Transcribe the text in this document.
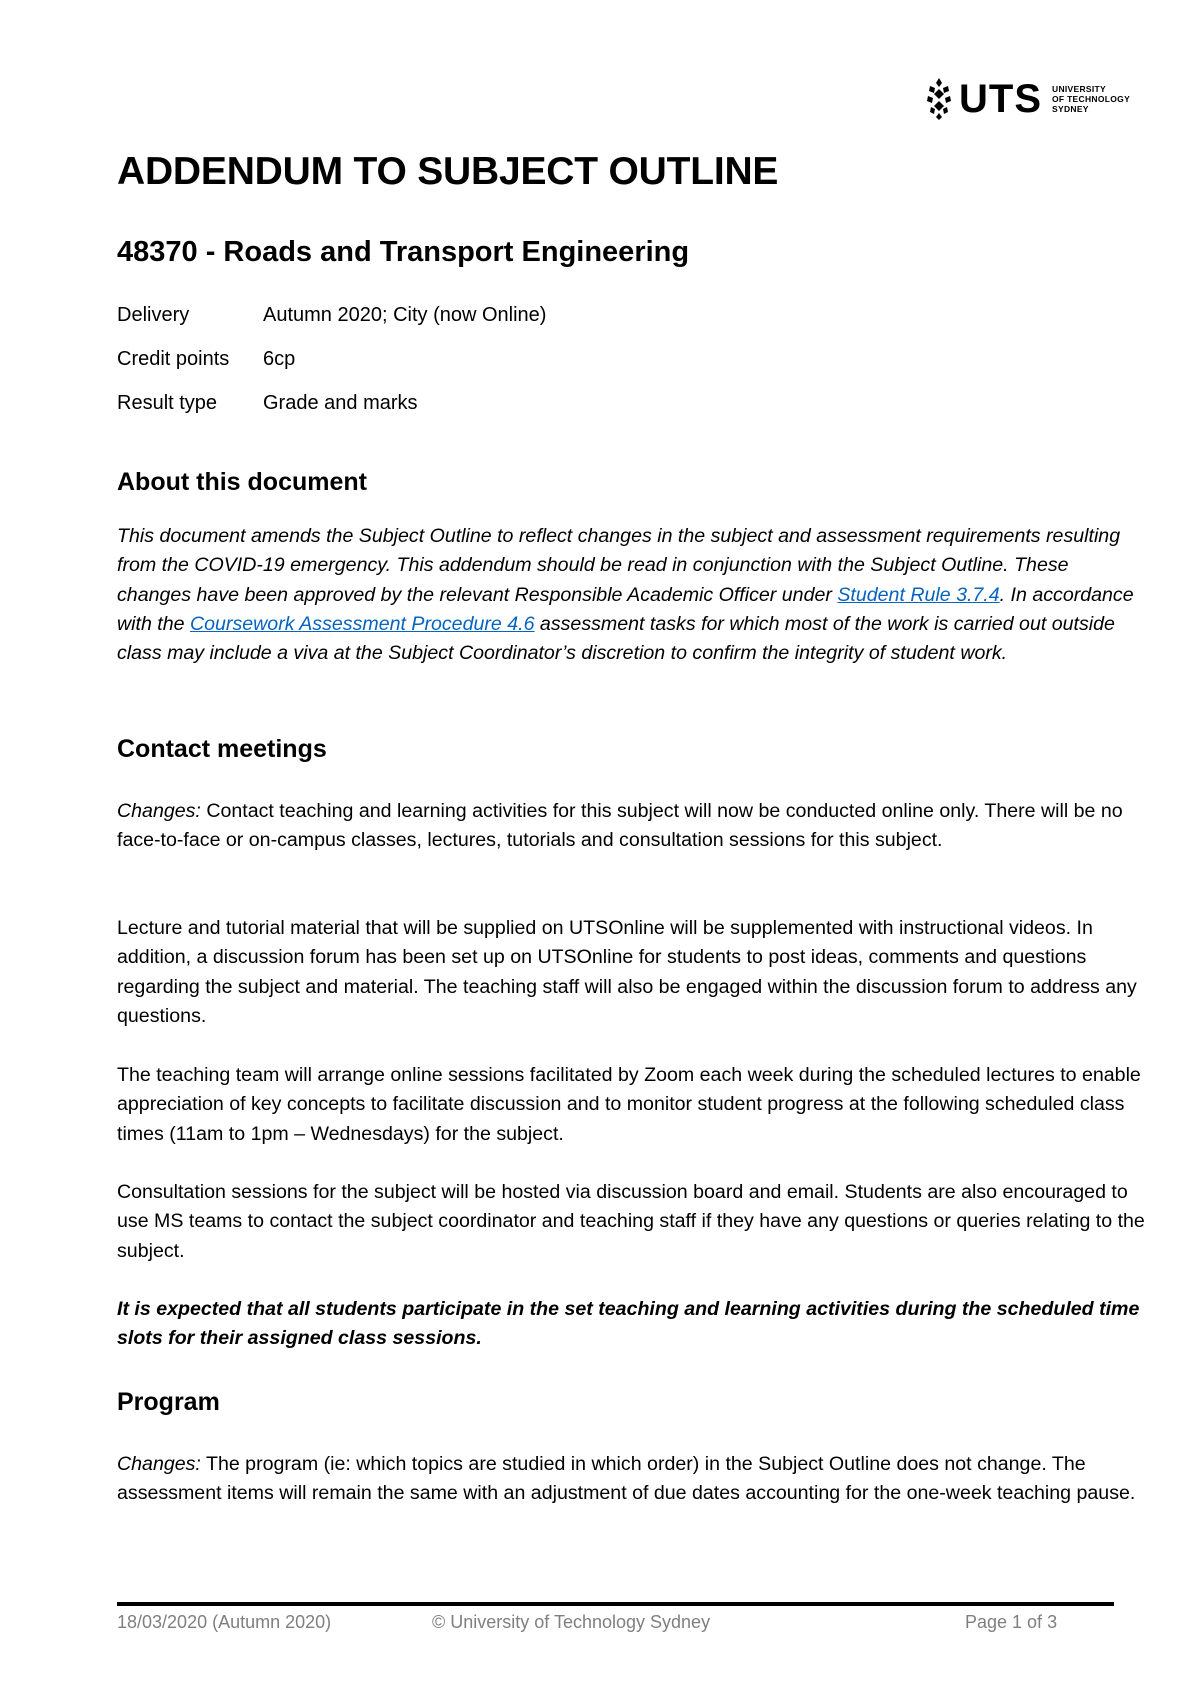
UTS UNIVERSITY
OF TECHNOLOGY
SYDNEY
ADDENDUM TO SUBJECT OUTLINE
48370 - Roads and Transport Engineering
Delivery	Autumn 2020; City (now Online)
Credit points 6cp
Result type Grade and marks
About this document

This document amends the Subject Outline to reflect changes in the subject and assessment requirements resulting from the COVID-19 emergency. This addendum should be read in conjunction with the Subject Outline. These changes have been approved by the relevant Responsible Academic Officer under Student Rule 3.7.4. In accordance with the Coursework Assessment Procedure 4.6 assessment tasks for which most of the work is carried out outside class may include a viva at the Subject Coordinator’s discretion to confirm the integrity of student work.

Contact meetings

Changes: Contact teaching and learning activities for this subject will now be conducted online only. There will be no face-to-face or on-campus classes, lectures, tutorials and consultation sessions for this subject.

Lecture and tutorial material that will be supplied on UTSOnline will be supplemented with instructional videos. In addition, a discussion forum has been set up on UTSOnline for students to post ideas, comments and questions regarding the subject and material. The teaching staff will also be engaged within the discussion forum to address any questions.

The teaching team will arrange online sessions facilitated by Zoom each week during the scheduled lectures to enable appreciation of key concepts to facilitate discussion and to monitor student progress at the following scheduled class times (11am to 1pm – Wednesdays) for the subject.

Consultation sessions for the subject will be hosted via discussion board and email. Students are also encouraged to use MS teams to contact the subject coordinator and teaching staff if they have any questions or queries relating to the subject.

It is expected that all students participate in the set teaching and learning activities during the scheduled time slots for their assigned class sessions.

Program

Changes: The program (ie: which topics are studied in which order) in the Subject Outline does not change. The assessment items will remain the same with an adjustment of due dates accounting for the one-week teaching pause.

18/03/2020 (Autumn 2020)	© University of Technology Sydney	Page 1 of 3
